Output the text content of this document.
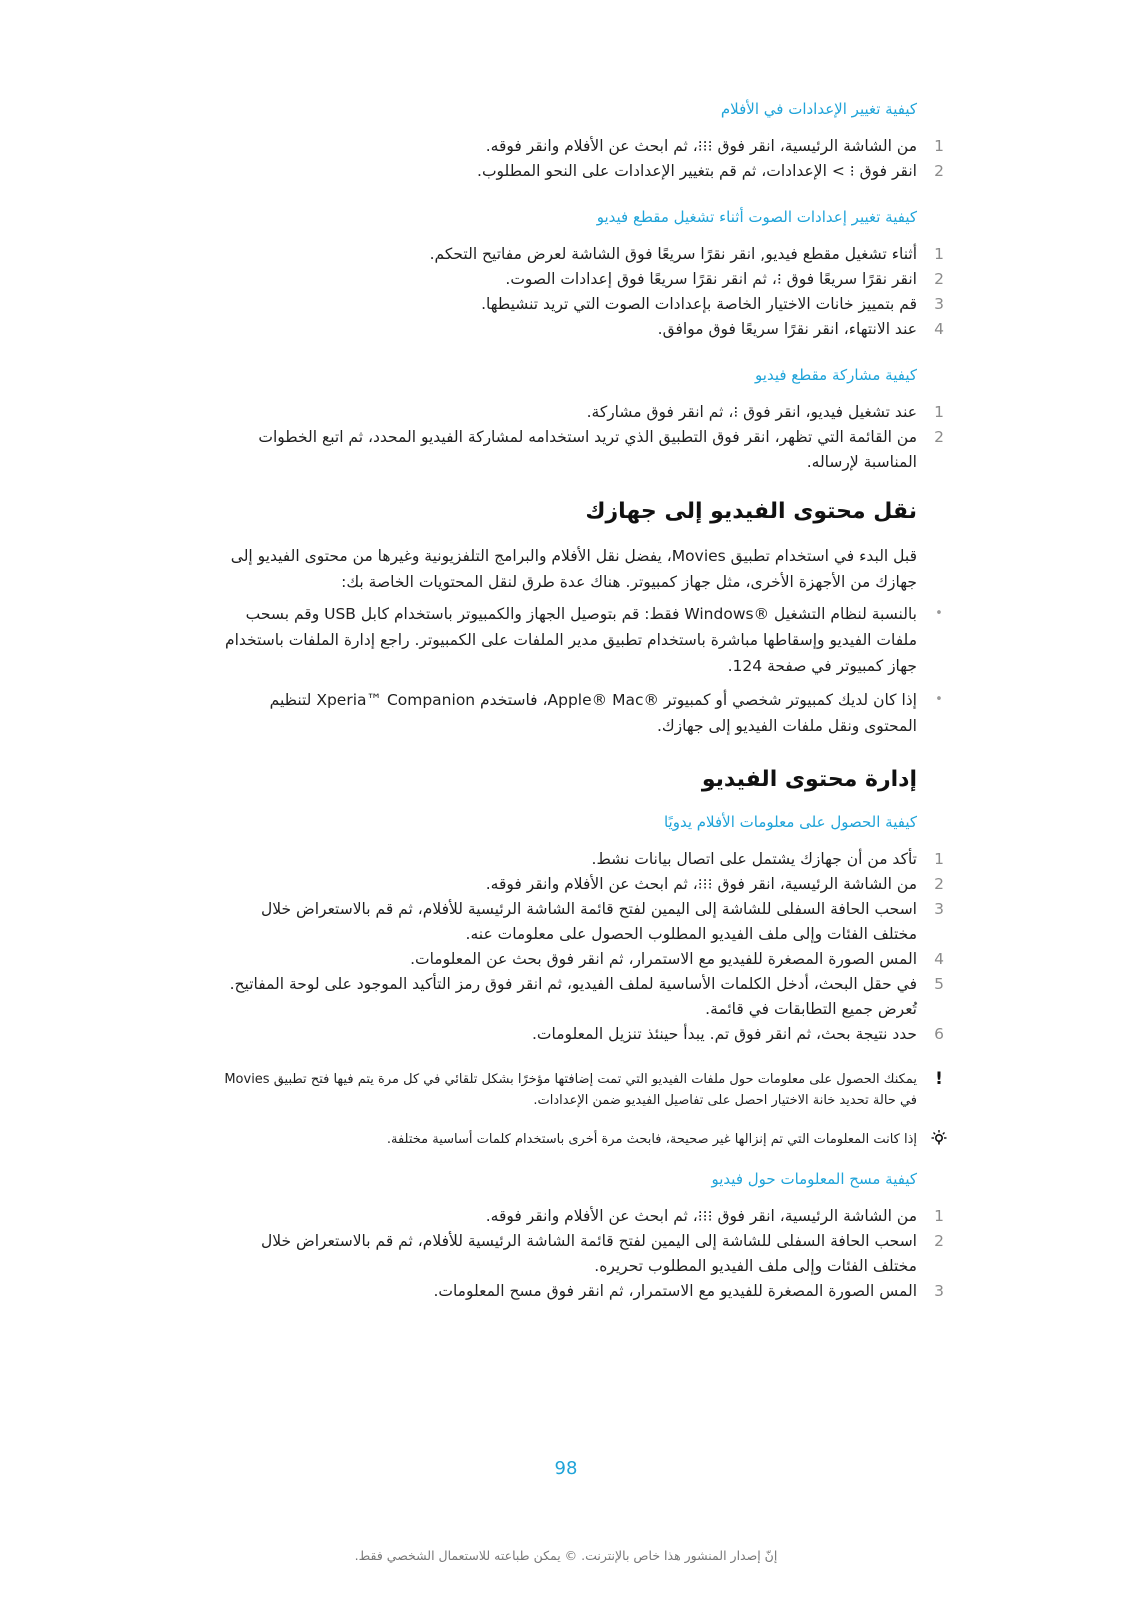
كيفية تغيير الإعدادات في الأفلام
1
من الشاشة الرئيسية، انقر فوق ⁝⁝⁝، ثم ابحث عن الأفلام وانقر فوقه.
2
انقر فوق ⁝ > الإعدادات، ثم قم بتغيير الإعدادات على النحو المطلوب.
كيفية تغيير إعدادات الصوت أثناء تشغيل مقطع فيديو
1
أثناء تشغيل مقطع فيديو, انقر نقرًا سريعًا فوق الشاشة لعرض مفاتيح التحكم.
2
انقر نقرًا سريعًا فوق ⁝، ثم انقر نقرًا سريعًا فوق إعدادات الصوت.
3
قم بتمييز خانات الاختيار الخاصة بإعدادات الصوت التي تريد تنشيطها.
4
عند الانتهاء، انقر نقرًا سريعًا فوق موافق.
كيفية مشاركة مقطع فيديو
1
عند تشغيل فيديو، انقر فوق ⁝، ثم انقر فوق مشاركة.
2
من القائمة التي تظهر، انقر فوق التطبيق الذي تريد استخدامه لمشاركة الفيديو المحدد، ثم اتبع الخطوات المناسبة لإرساله.
نقل محتوى الفيديو إلى جهازك

قبل البدء في استخدام تطبيق Movies، يفضل نقل الأفلام والبرامج التلفزيونية وغيرها من محتوى الفيديو إلى جهازك من الأجهزة الأخرى، مثل جهاز كمبيوتر. هناك عدة طرق لنقل المحتويات الخاصة بك:

•
بالنسبة لنظام التشغيل ®Windows فقط: قم بتوصيل الجهاز والكمبيوتر باستخدام كابل USB وقم بسحب ملفات الفيديو وإسقاطها مباشرة باستخدام تطبيق مدير الملفات على الكمبيوتر. راجع إدارة الملفات باستخدام جهاز كمبيوتر في صفحة 124.
•
إذا كان لديك كمبيوتر شخصي أو كمبيوتر ®Apple® Mac، فاستخدم Xperia™ Companion لتنظيم المحتوى ونقل ملفات الفيديو إلى جهازك.
إدارة محتوى الفيديو
كيفية الحصول على معلومات الأفلام يدويًا
1
تأكد من أن جهازك يشتمل على اتصال بيانات نشط.
2
من الشاشة الرئيسية، انقر فوق ⁝⁝⁝، ثم ابحث عن الأفلام وانقر فوقه.
3
اسحب الحافة السفلى للشاشة إلى اليمين لفتح قائمة الشاشة الرئيسية للأفلام، ثم قم بالاستعراض خلال مختلف الفئات وإلى ملف الفيديو المطلوب الحصول على معلومات عنه.
4
المس الصورة المصغرة للفيديو مع الاستمرار، ثم انقر فوق بحث عن المعلومات.
5
في حقل البحث، أدخل الكلمات الأساسية لملف الفيديو، ثم انقر فوق رمز التأكيد الموجود على لوحة المفاتيح. تُعرض جميع التطابقات في قائمة.
6
حدد نتيجة بحث، ثم انقر فوق تم. يبدأ حينئذ تنزيل المعلومات.
!
يمكنك الحصول على معلومات حول ملفات الفيديو التي تمت إضافتها مؤخرًا بشكل تلقائي في كل مرة يتم فيها فتح تطبيق Movies في حالة تحديد خانة الاختيار احصل على تفاصيل الفيديو ضمن الإعدادات.
إذا كانت المعلومات التي تم إنزالها غير صحيحة، فابحث مرة أخرى باستخدام كلمات أساسية مختلفة.
كيفية مسح المعلومات حول فيديو
1
من الشاشة الرئيسية، انقر فوق ⁝⁝⁝، ثم ابحث عن الأفلام وانقر فوقه.
2
اسحب الحافة السفلى للشاشة إلى اليمين لفتح قائمة الشاشة الرئيسية للأفلام، ثم قم بالاستعراض خلال مختلف الفئات وإلى ملف الفيديو المطلوب تحريره.
3
المس الصورة المصغرة للفيديو مع الاستمرار، ثم انقر فوق مسح المعلومات.
98
إنّ إصدار المنشور هذا خاص بالإنترنت. © يمكن طباعته للاستعمال الشخصي فقط.
